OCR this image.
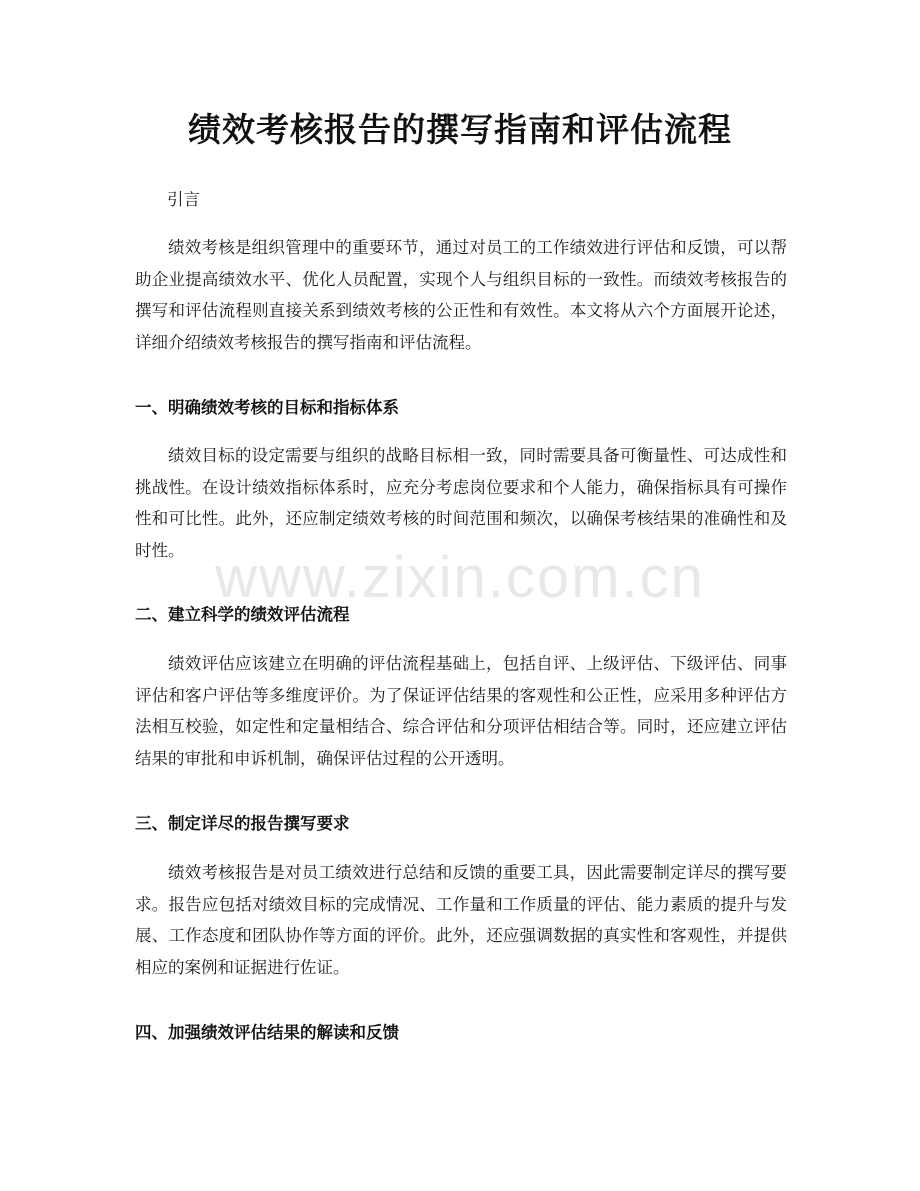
绩效考核报告的撰写指南和评估流程

引言

绩效考核是组织管理中的重要环节，通过对员工的工作绩效进行评估和反馈，可以帮助企业提高绩效水平、优化人员配置，实现个人与组织目标的一致性。而绩效考核报告的撰写和评估流程则直接关系到绩效考核的公正性和有效性。本文将从六个方面展开论述，详细介绍绩效考核报告的撰写指南和评估流程。

一、明确绩效考核的目标和指标体系

绩效目标的设定需要与组织的战略目标相一致，同时需要具备可衡量性、可达成性和挑战性。在设计绩效指标体系时，应充分考虑岗位要求和个人能力，确保指标具有可操作性和可比性。此外，还应制定绩效考核的时间范围和频次，以确保考核结果的准确性和及时性。

二、建立科学的绩效评估流程

绩效评估应该建立在明确的评估流程基础上，包括自评、上级评估、下级评估、同事评估和客户评估等多维度评价。为了保证评估结果的客观性和公正性，应采用多种评估方法相互校验，如定性和定量相结合、综合评估和分项评估相结合等。同时，还应建立评估结果的审批和申诉机制，确保评估过程的公开透明。

三、制定详尽的报告撰写要求

绩效考核报告是对员工绩效进行总结和反馈的重要工具，因此需要制定详尽的撰写要求。报告应包括对绩效目标的完成情况、工作量和工作质量的评估、能力素质的提升与发展、工作态度和团队协作等方面的评价。此外，还应强调数据的真实性和客观性，并提供相应的案例和证据进行佐证。

四、加强绩效评估结果的解读和反馈
www.zixin.com.cn
